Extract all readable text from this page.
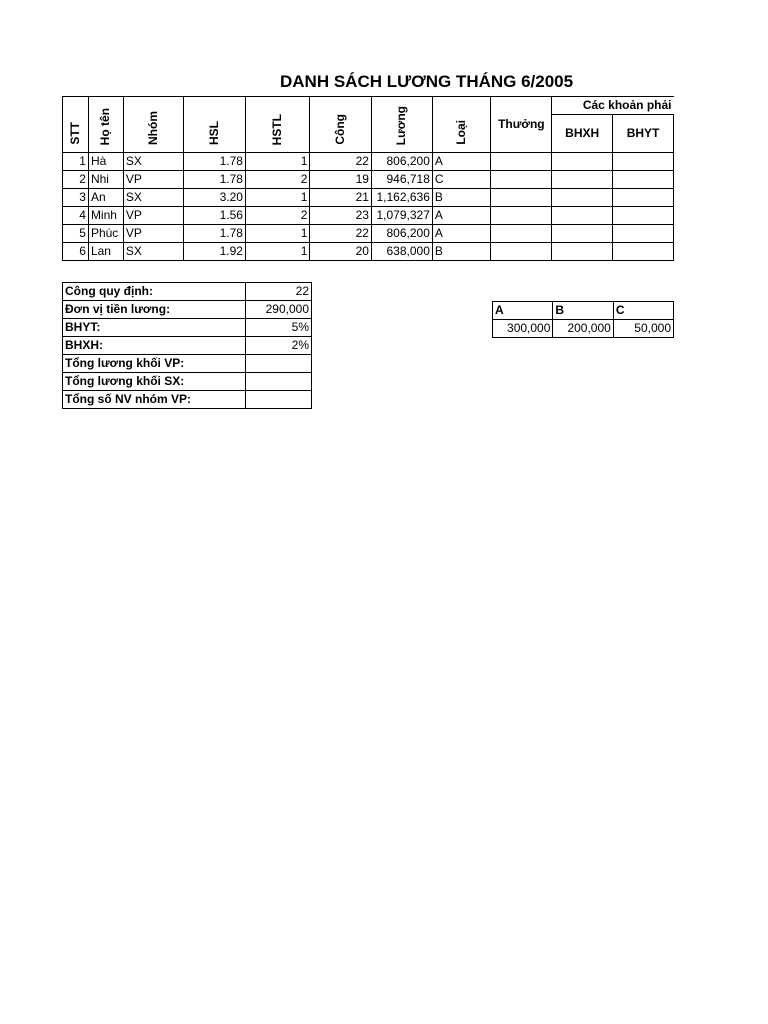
DANH SÁCH LƯƠNG THÁNG 6/2005
STT	Họ tên	Nhóm	HSL	HSTL	Công	Lương	Loại	Thưởng	Các khoản phải	
									BHXH	BHYT
1	Hà	SX	1.78	1	22	806,200	A			
2	Nhi	VP	1.78	2	19	946,718	C			
3	An	SX	3.20	1	21	1,162,636	B			
4	Minh	VP	1.56	2	23	1,079,327	A			
5	Phúc	VP	1.78	1	22	806,200	A			
6	Lan	SX	1.92	1	20	638,000	B			
Công quy định:	22
Đơn vị tiền lương:	290,000
BHYT:	5%
BHXH:	2%
Tổng lương khối VP:	
Tổng lương khối SX:	
Tổng số NV nhóm VP:	
A	B	C
300,000	200,000	50,000
